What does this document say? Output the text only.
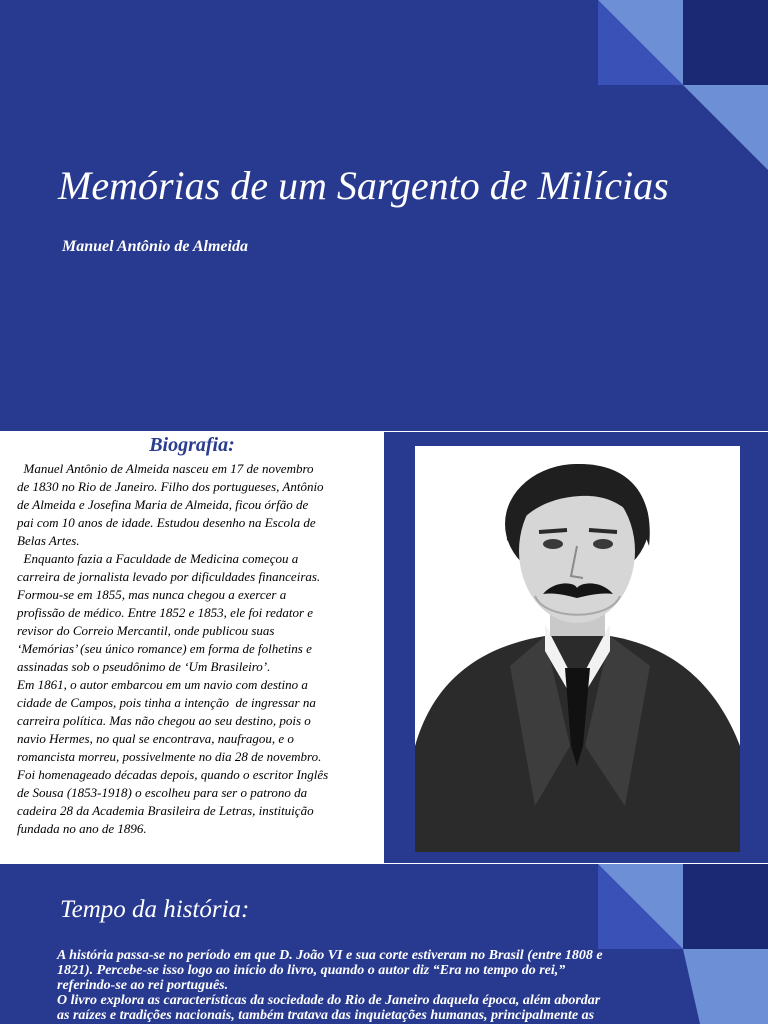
Memórias de um Sargento de Milícias
Manuel Antônio de Almeida
Biografia:

Manuel Antônio de Almeida nasceu em 17 de novembro

de 1830 no Rio de Janeiro. Filho dos portugueses, Antônio

de Almeida e Josefina Maria de Almeida, ficou órfão de

pai com 10 anos de idade. Estudou desenho na Escola de

Belas Artes.

Enquanto fazia a Faculdade de Medicina começou a

carreira de jornalista levado por dificuldades financeiras.

Formou-se em 1855, mas nunca chegou a exercer a

profissão de médico. Entre 1852 e 1853, ele foi redator e

revisor do Correio Mercantil, onde publicou suas

‘Memórias’ (seu único romance) em forma de folhetins e

assinadas sob o pseudônimo de ‘Um Brasileiro’.

Em 1861, o autor embarcou em um navio com destino a

cidade de Campos, pois tinha a intenção  de ingressar na

carreira política. Mas não chegou ao seu destino, pois o

navio Hermes, no qual se encontrava, naufragou, e o

romancista morreu, possivelmente no dia 28 de novembro.

Foi homenageado décadas depois, quando o escritor Inglês

de Sousa (1853-1918) o escolheu para ser o patrono da

cadeira 28 da Academia Brasileira de Letras, instituição

fundada no ano de 1896.

Tempo da história:

A história passa-se no período em que D. João VI e sua corte estiveram no Brasil (entre 1808 e

1821). Percebe-se isso logo ao início do livro, quando o autor diz “Era no tempo do rei,”

referindo-se ao rei português.

O livro explora as características da sociedade do Rio de Janeiro daquela época, além abordar

as raízes e tradições nacionais, também tratava das inquietações humanas, principalmente as
